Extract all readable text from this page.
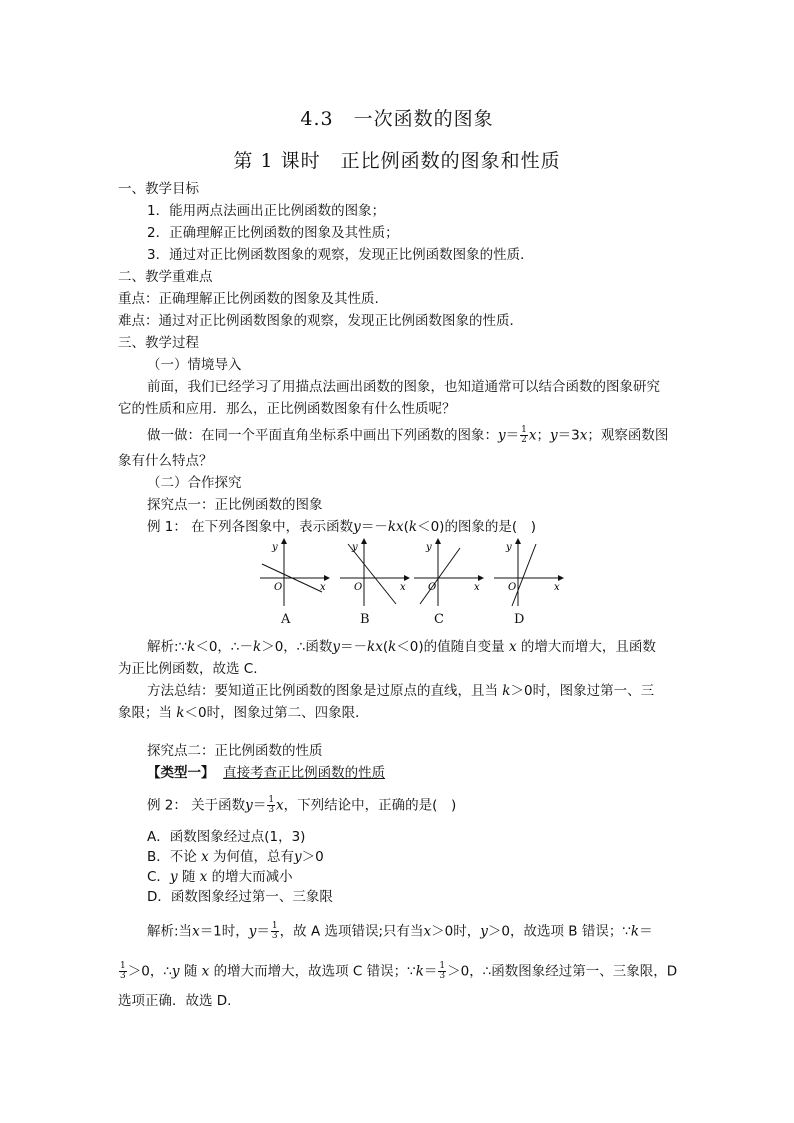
4.3　一次函数的图象
第 1 课时　正比例函数的图象和性质
一、教学目标
1．能用两点法画出正比例函数的图象；
2．正确理解正比例函数的图象及其性质；
3．通过对正比例函数图象的观察，发现正比例函数图象的性质．
二、教学重难点
重点：正确理解正比例函数的图象及其性质.
难点：通过对正比例函数图象的观察，发现正比例函数图象的性质．
三、教学过程
（一）情境导入
前面，我们已经学习了用描点法画出函数的图象，也知道通常可以结合函数的图象研究
它的性质和应用．那么，正比例函数图象有什么性质呢？
做一做：在同一个平面直角坐标系中画出下列函数的图象：$y= \frac{1}{2}$ x；y＝3x；观察函数图
象有什么特点？
（二）合作探究
探究点一：正比例函数的图象
例 1： 在下列各图象中，表示函数y＝－kx(k＜0)的图象的是(　)
y
x
O
y
x
O
y
x
O
y
x
O
A	B	C	D
解析:∵k＜0，∴－k＞0，∴函数y＝－kx(k＜0)的值随自变量 x 的增大而增大，且函数
为正比例函数，故选 C.
方法总结：要知道正比例函数的图象是过原点的直线，且当 k＞0时，图象过第一、三
象限；当 k＜0时，图象过第二、四象限．
探究点二：正比例函数的性质
【类型一】 直接考查正比例函数的性质
例 2： 关于函数$y= \frac{1}{3}$ x，下列结论中，正确的是(　)
A．函数图象经过点(1，3)
B．不论 x 为何值，总有y＞0
C．y 随 x 的增大而减小
D．函数图象经过第一、三象限
解析:当x＝1时，$y= \frac{1}{3}$ ，故 A 选项错误;只有当x＞0时，y＞0，故选项 B 错误；∵k＝
$\frac{1}{3} >0$，∴y 随 x 的增大而增大，故选项 C 错误；∵k＝ $\frac{1}{3} >0$，∴函数图象经过第一、三象限，D
选项正确．故选 D.
